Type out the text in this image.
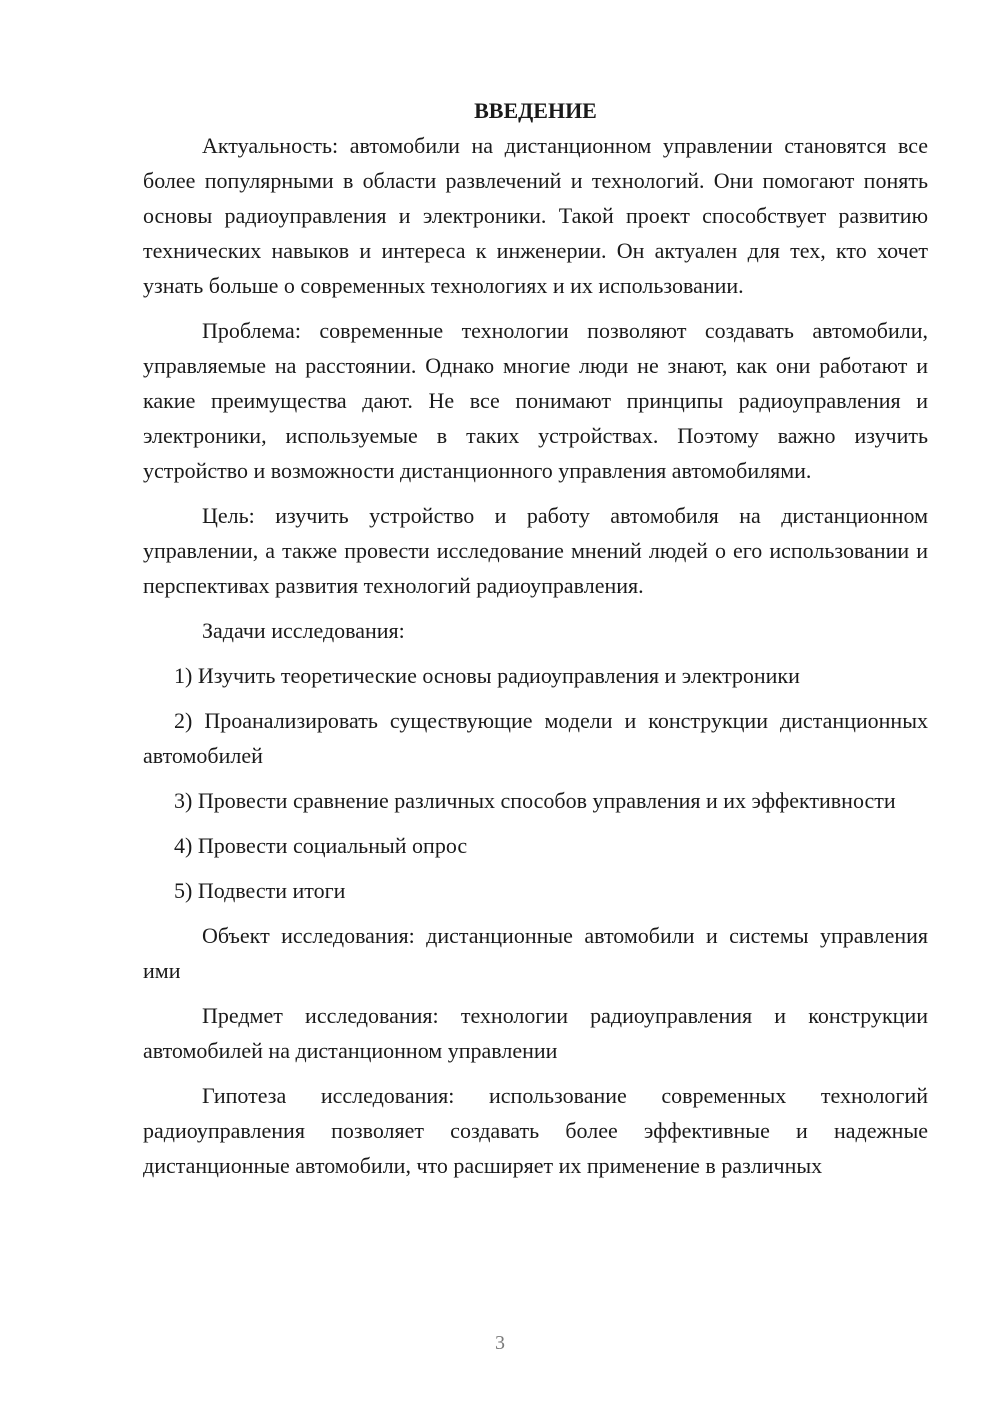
ВВЕДЕНИЕ

Актуальность: автомобили на дистанционном управлении становятся все более популярными в области развлечений и технологий. Они помогают понять основы радиоуправления и электроники. Такой проект способствует развитию технических навыков и интереса к инженерии. Он актуален для тех, кто хочет узнать больше о современных технологиях и их использовании.

Проблема: современные технологии позволяют создавать автомобили, управляемые на расстоянии. Однако многие люди не знают, как они работают и какие преимущества дают. Не все понимают принципы радиоуправления и электроники, используемые в таких устройствах. Поэтому важно изучить устройство и возможности дистанционного управления автомобилями.

Цель: изучить устройство и работу автомобиля на дистанционном управлении, а также провести исследование мнений людей о его использовании и перспективах развития технологий радиоуправления.

Задачи исследования:

1) Изучить теоретические основы радиоуправления и электроники

2) Проанализировать существующие модели и конструкции дистанционных автомобилей

3) Провести сравнение различных способов управления и их эффективности

4) Провести социальный опрос

5) Подвести итоги

Объект исследования: дистанционные автомобили и системы управления ими

Предмет исследования: технологии радиоуправления и конструкции автомобилей на дистанционном управлении

Гипотеза исследования: использование современных технологий радиоуправления позволяет создавать более эффективные и надежные дистанционные автомобили, что расширяет их применение в различных

3
